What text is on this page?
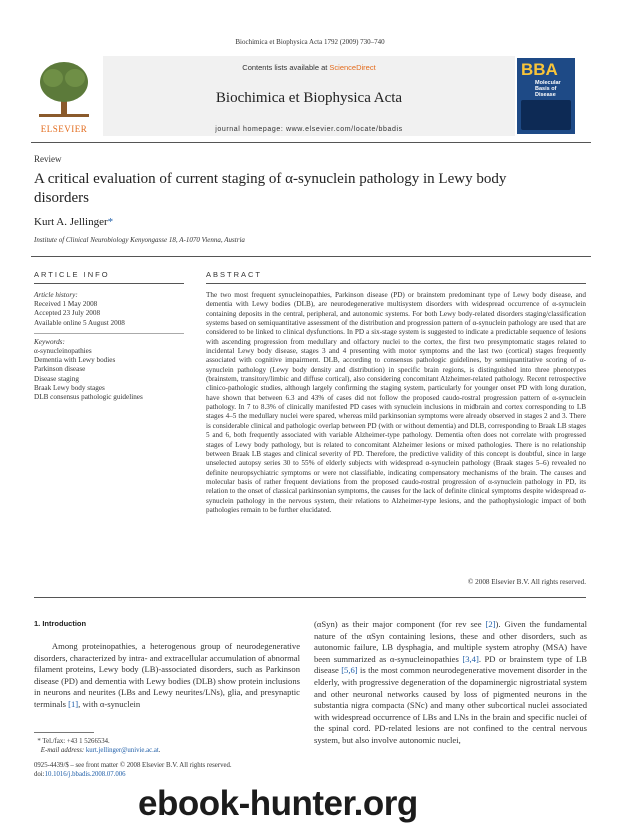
Biochimica et Biophysica Acta 1792 (2009) 730–740
ELSEVIER
Contents lists available at ScienceDirect
Biochimica et Biophysica Acta
journal homepage: www.elsevier.com/locate/bbadis
BBA
Molecular Basis of Disease
Review
A critical evaluation of current staging of α-synuclein pathology in Lewy body disorders
Kurt A. Jellinger*
Institute of Clinical Neurobiology Kenyongasse 18, A-1070 Vienna, Austria
ARTICLE INFO	ABSTRACT
Article history:
Received 1 May 2008
Accepted 23 July 2008
Available online 5 August 2008
Keywords:
α-synucleinopathies
Dementia with Lewy bodies
Parkinson disease
Disease staging
Braak Lewy body stages
DLB consensus pathologic guidelines
The two most frequent synucleinopathies, Parkinson disease (PD) or brainstem predominant type of Lewy body disease, and dementia with Lewy bodies (DLB), are neurodegenerative multisystem disorders with widespread occurrence of α-synuclein containing deposits in the central, peripheral, and autonomic systems. For both Lewy body-related disorders staging/classification systems based on semiquantitative assessment of the distribution and progression pattern of α-synuclein pathology are used that are considered to be linked to clinical dysfunctions. In PD a six-stage system is suggested to indicate a predictable sequence of lesions with ascending progression from medullary and olfactory nuclei to the cortex, the first two presymptomatic stages related to incidental Lewy body disease, stages 3 and 4 presenting with motor symptoms and the last two (cortical) stages frequently associated with cognitive impairment. DLB, according to consensus pathologic guidelines, by semiquantitative scoring of α-synuclein pathology (Lewy body density and distribution) in specific brain regions, is distinguished into three phenotypes (brainstem, transitory/limbic and diffuse cortical), also considering concomitant Alzheimer-related pathology. Recent retrospective clinico-pathologic studies, although largely confirming the staging system, particularly for younger onset PD with long duration, have shown that between 6.3 and 43% of cases did not follow the proposed caudo-rostral progression pattern of α-synuclein pathology. In 7 to 8.3% of clinically manifested PD cases with synuclein inclusions in midbrain and cortex corresponding to LB stages 4–5 the medullary nuclei were spared, whereas mild parkinsonian symptoms were already observed in stages 2 and 3. There is considerable clinical and pathologic overlap between PD (with or without dementia) and DLB, corresponding to Braak LB stages 5 and 6, both frequently associated with variable Alzheimer-type pathology. Dementia often does not correlate with progressed stages of Lewy body pathology, but is related to concomitant Alzheimer lesions or mixed pathologies. There is no relationship between Braak LB stages and clinical severity of PD. Therefore, the predictive validity of this concept is doubtful, since in large unselected autopsy series 30 to 55% of elderly subjects with widespread α-synuclein pathology (Braak stages 5–6) revealed no definite neuropsychiatric symptoms or were not classifiable, indicating compensatory mechanisms of the brain. The causes and molecular basis of rather frequent deviations from the proposed caudo-rostral progression of α-synuclein pathology in PD, its relation to the onset of classical parkinsonian symptoms, the causes for the lack of definite clinical symptoms despite widespread α-synuclein pathology in the nervous system, their relations to Alzheimer-type lesions, and the pathophysiologic impact of both pathologies remain to be further elucidated.
© 2008 Elsevier B.V. All rights reserved.
1. Introduction
Among proteinopathies, a heterogenous group of neurodegenerative disorders, characterized by intra- and extracellular accumulation of abnormal filament proteins, Lewy body (LB)-associated disorders, such as Parkinson disease (PD) and dementia with Lewy bodies (DLB) show protein inclusions in neurons and neurites (LBs and Lewy neurites/LNs), glia, and presynaptic terminals [1], with α-synuclein
(αSyn) as their major component (for rev see [2]). Given the fundamental nature of the αSyn containing lesions, these and other disorders, such as autonomic failure, LB dysphagia, and multiple system atrophy (MSA) have been summarized as α-synucleinopathies [3,4]. PD or brainstem type of LB disease [5,6] is the most common neurodegenerative movement disorder in the elderly, with progressive degeneration of the dopaminergic nigrostriatal system and other neuronal networks caused by loss of pigmented neurons in the substantia nigra compacta (SNc) and many other subcortical nuclei associated with widespread occurrence of LBs and LNs in the brain and specific nuclei of the spinal cord. PD-related lesions are not confined to the central nervous system, but also involve autonomic nuclei,
* Tel./fax: +43 1 5266534.
E-mail address: kurt.jellinger@univie.ac.at.
0925-4439/$ – see front matter © 2008 Elsevier B.V. All rights reserved.
doi:10.1016/j.bbadis.2008.07.006
ebook-hunter.org
